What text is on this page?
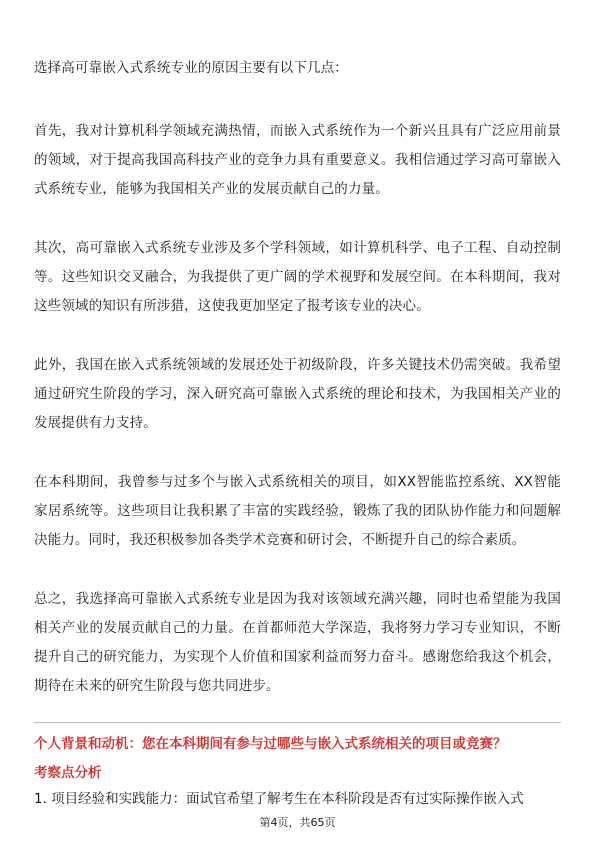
选择高可靠嵌入式系统专业的原因主要有以下几点：

首先，我对计算机科学领域充满热情，而嵌入式系统作为一个新兴且具有广泛应用前景的领域，对于提高我国高科技产业的竞争力具有重要意义。我相信通过学习高可靠嵌入式系统专业，能够为我国相关产业的发展贡献自己的力量。

其次，高可靠嵌入式系统专业涉及多个学科领域，如计算机科学、电子工程、自动控制等。这些知识交叉融合，为我提供了更广阔的学术视野和发展空间。在本科期间，我对这些领域的知识有所涉猎，这使我更加坚定了报考该专业的决心。

此外，我国在嵌入式系统领域的发展还处于初级阶段，许多关键技术仍需突破。我希望通过研究生阶段的学习，深入研究高可靠嵌入式系统的理论和技术，为我国相关产业的发展提供有力支持。

在本科期间，我曾参与过多个与嵌入式系统相关的项目，如XX智能监控系统、XX智能家居系统等。这些项目让我积累了丰富的实践经验，锻炼了我的团队协作能力和问题解决能力。同时，我还积极参加各类学术竞赛和研讨会，不断提升自己的综合素质。

总之，我选择高可靠嵌入式系统专业是因为我对该领域充满兴趣，同时也希望能为我国相关产业的发展贡献自己的力量。在首都师范大学深造，我将努力学习专业知识，不断提升自己的研究能力，为实现个人价值和国家利益而努力奋斗。感谢您给我这个机会，期待在未来的研究生阶段与您共同进步。

个人背景和动机：您在本科期间有参与过哪些与嵌入式系统相关的项目或竞赛？
考察点分析
1. 项目经验和实践能力：面试官希望了解考生在本科阶段是否有过实际操作嵌入式
第4页，共65页
